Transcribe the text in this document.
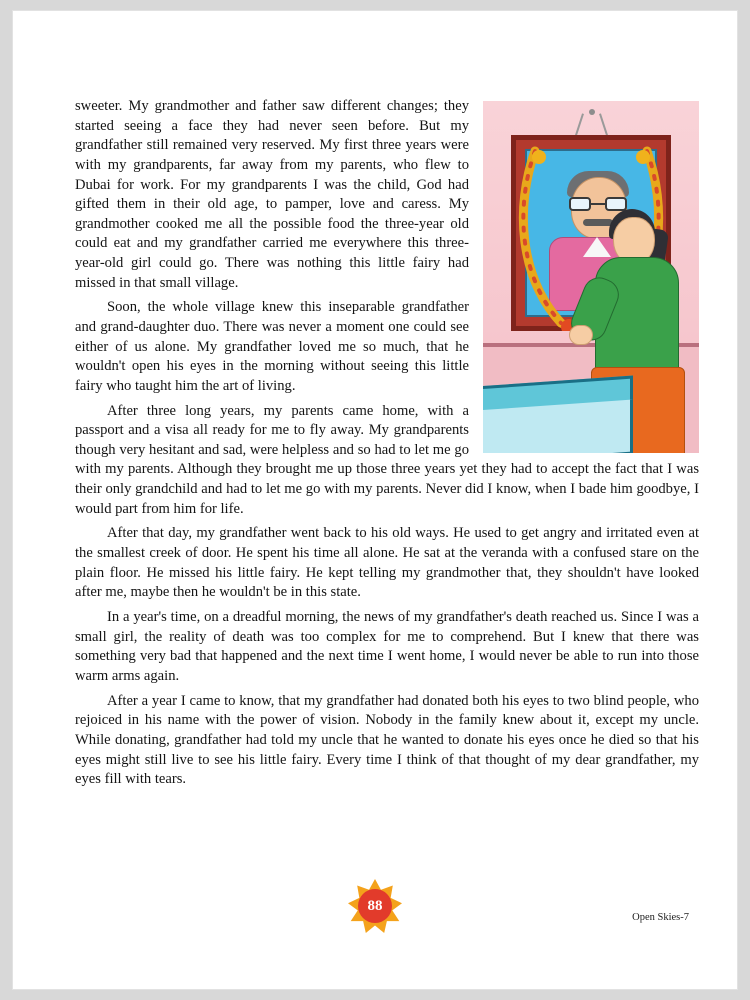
sweeter. My grandmother and father saw different changes; they started seeing a face they had never seen before. But my grandfather still remained very reserved. My first three years were with my grandparents, far away from my parents, who flew to Dubai for work. For my grandparents I was the child, God had gifted them in their old age, to pamper, love and caress. My grandmother cooked me all the possible food the three-year old could eat and my grandfather carried me everywhere this three-year-old girl could go. There was nothing this little fairy had missed in that small village.

Soon, the whole village knew this inseparable grandfather and grand-daughter duo. There was never a moment one could see either of us alone. My grandfather loved me so much, that he wouldn't open his eyes in the morning without seeing this little fairy who taught him the art of living.

After three long years, my parents came home, with a passport and a visa all ready for me to fly away. My grandparents though very hesitant and sad, were helpless and so had to let me go with my parents. Although they brought me up those three years yet they had to accept the fact that I was their only grandchild and had to let me go with my parents. Never did I know, when I bade him goodbye, I would part from him for life.

After that day, my grandfather went back to his old ways. He used to get angry and irritated even at the smallest creek of door. He spent his time all alone. He sat at the veranda with a confused stare on the plain floor. He missed his little fairy. He kept telling my grandmother that, they shouldn't have looked after me, maybe then he wouldn't be in this state.

In a year's time, on a dreadful morning, the news of my grandfather's death reached us. Since I was a small girl, the reality of death was too complex for me to comprehend. But I knew that there was something very bad that happened and the next time I went home, I would never be able to run into those warm arms again.

After a year I came to know, that my grandfather had donated both his eyes to two blind people, who rejoiced in his name with the power of vision. Nobody in the family knew about it, except my uncle. While donating, grandfather had told my uncle that he wanted to donate his eyes once he died so that his eyes might still live to see his little fairy. Every time I think of that thought of my dear grandfather, my eyes fill with tears.

88
Open Skies-7
